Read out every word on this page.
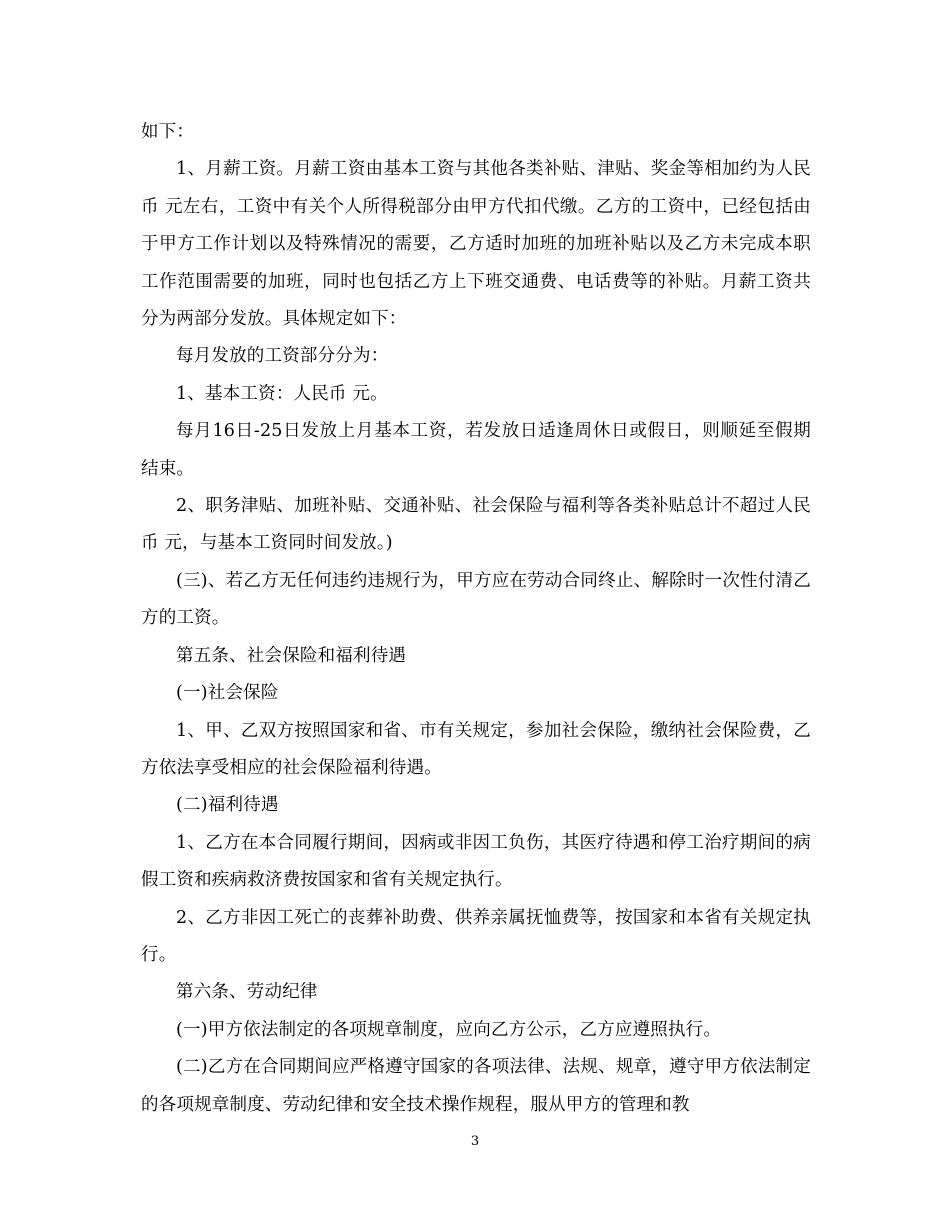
如下：

1、月薪工资。月薪工资由基本工资与其他各类补贴、津贴、奖金等相加约为人民币 元左右，工资中有关个人所得税部分由甲方代扣代缴。乙方的工资中，已经包括由于甲方工作计划以及特殊情况的需要，乙方适时加班的加班补贴以及乙方未完成本职工作范围需要的加班，同时也包括乙方上下班交通费、电话费等的补贴。月薪工资共分为两部分发放。具体规定如下：

每月发放的工资部分分为：

1、基本工资：人民币 元。

每月16日-25日发放上月基本工资，若发放日适逢周休日或假日，则顺延至假期结束。

2、职务津贴、加班补贴、交通补贴、社会保险与福利等各类补贴总计不超过人民币 元，与基本工资同时间发放。)

(三)、若乙方无任何违约违规行为，甲方应在劳动合同终止、解除时一次性付清乙方的工资。

第五条、社会保险和福利待遇

(一)社会保险

1、甲、乙双方按照国家和省、市有关规定，参加社会保险，缴纳社会保险费，乙方依法享受相应的社会保险福利待遇。

(二)福利待遇

1、乙方在本合同履行期间，因病或非因工负伤，其医疗待遇和停工治疗期间的病假工资和疾病救济费按国家和省有关规定执行。

2、乙方非因工死亡的丧葬补助费、供养亲属抚恤费等，按国家和本省有关规定执行。

第六条、劳动纪律

(一)甲方依法制定的各项规章制度，应向乙方公示，乙方应遵照执行。

(二)乙方在合同期间应严格遵守国家的各项法律、法规、规章，遵守甲方依法制定的各项规章制度、劳动纪律和安全技术操作规程，服从甲方的管理和教

3
